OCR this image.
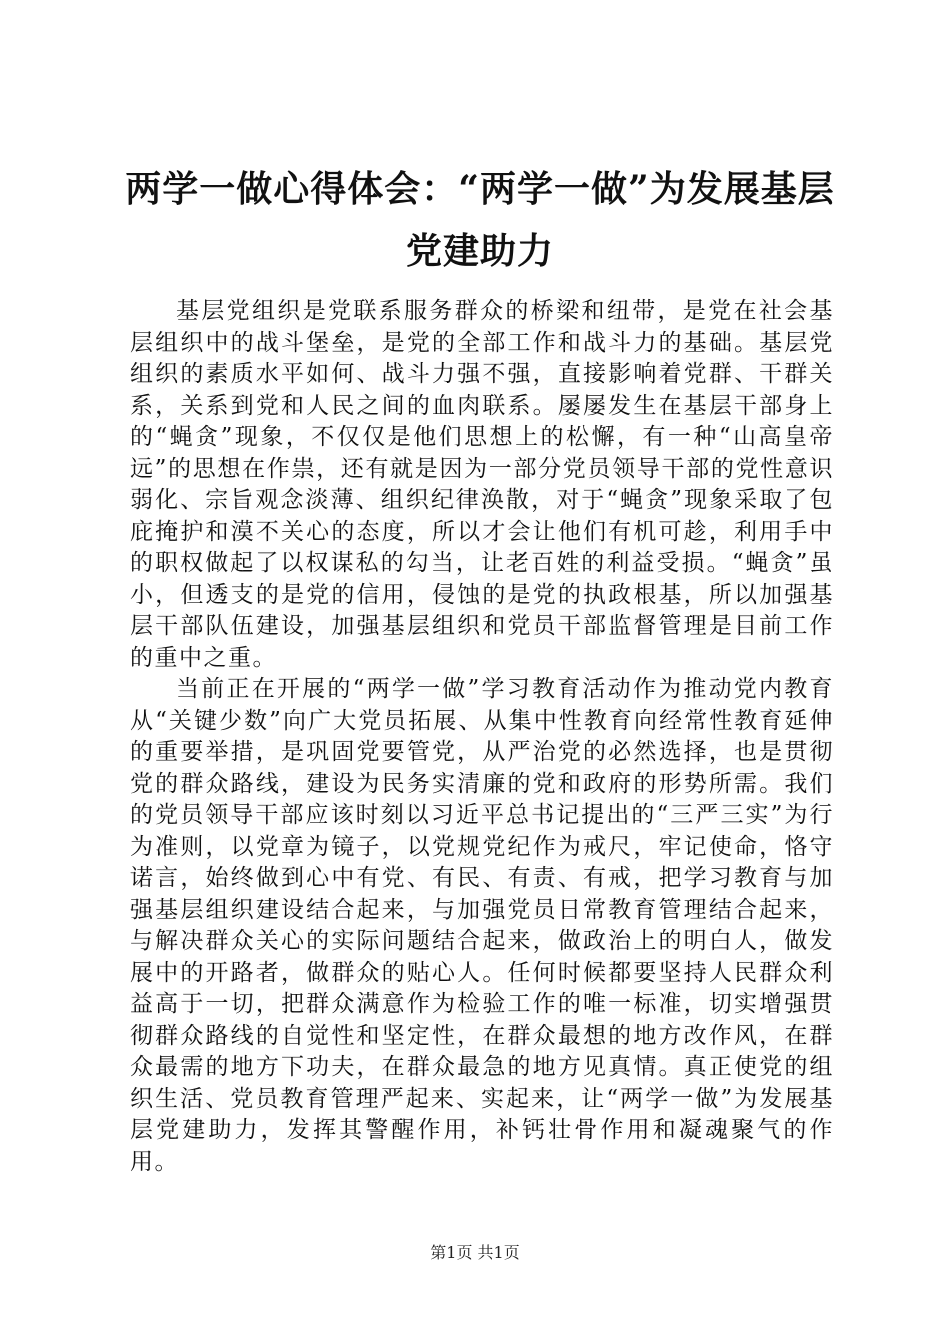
两学一做心得体会：“两学一做”为发展基层党建助力

基层党组织是党联系服务群众的桥梁和纽带，是党在社会基层组织中的战斗堡垒，是党的全部工作和战斗力的基础。基层党组织的素质水平如何、战斗力强不强，直接影响着党群、干群关系，关系到党和人民之间的血肉联系。屡屡发生在基层干部身上的“蝇贪”现象，不仅仅是他们思想上的松懈，有一种“山高皇帝远”的思想在作祟，还有就是因为一部分党员领导干部的党性意识弱化、宗旨观念淡薄、组织纪律涣散，对于“蝇贪”现象采取了包庇掩护和漠不关心的态度，所以才会让他们有机可趁，利用手中的职权做起了以权谋私的勾当，让老百姓的利益受损。“蝇贪”虽小，但透支的是党的信用，侵蚀的是党的执政根基，所以加强基层干部队伍建设，加强基层组织和党员干部监督管理是目前工作的重中之重。

当前正在开展的“两学一做”学习教育活动作为推动党内教育从“关键少数”向广大党员拓展、从集中性教育向经常性教育延伸的重要举措，是巩固党要管党，从严治党的必然选择，也是贯彻党的群众路线，建设为民务实清廉的党和政府的形势所需。我们的党员领导干部应该时刻以习近平总书记提出的“三严三实”为行为准则，以党章为镜子，以党规党纪作为戒尺，牢记使命，恪守诺言，始终做到心中有党、有民、有责、有戒，把学习教育与加强基层组织建设结合起来，与加强党员日常教育管理结合起来，与解决群众关心的实际问题结合起来，做政治上的明白人，做发展中的开路者，做群众的贴心人。任何时候都要坚持人民群众利益高于一切，把群众满意作为检验工作的唯一标准，切实增强贯彻群众路线的自觉性和坚定性，在群众最想的地方改作风，在群众最需的地方下功夫，在群众最急的地方见真情。真正使党的组织生活、党员教育管理严起来、实起来，让“两学一做”为发展基层党建助力，发挥其警醒作用，补钙壮骨作用和凝魂聚气的作用。

第1页 共1页
